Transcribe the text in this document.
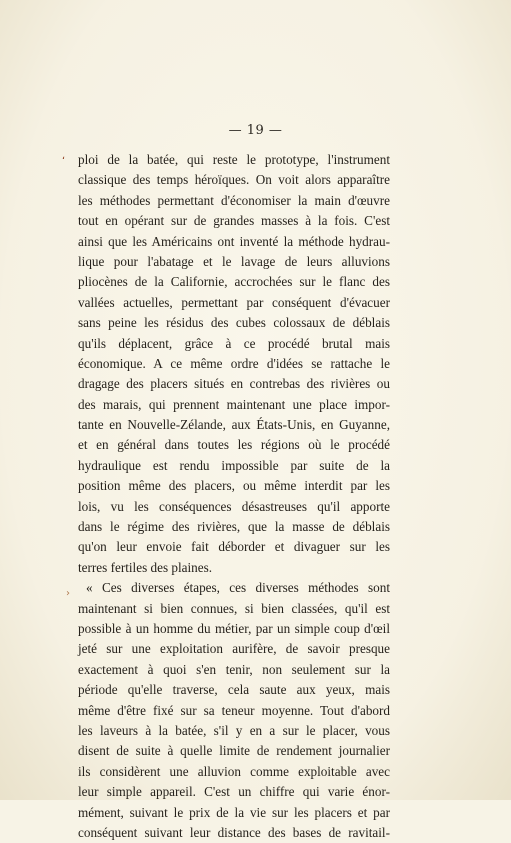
ʻ
›
— 19 —
ploi de la batée, qui reste le prototype, l'instrument
classique des temps héroïques. On voit alors apparaître
les méthodes permettant d'économiser la main d'œuvre
tout en opérant sur de grandes masses à la fois. C'est
ainsi que les Américains ont inventé la méthode hydrau-
lique pour l'abatage et le lavage de leurs alluvions
pliocènes de la Californie, accrochées sur le flanc des
vallées actuelles, permettant par conséquent d'évacuer
sans peine les résidus des cubes colossaux de déblais
qu'ils déplacent, grâce à ce procédé brutal mais
économique. A ce même ordre d'idées se rattache le
dragage des placers situés en contrebas des rivières ou
des marais, qui prennent maintenant une place impor-
tante en Nouvelle-Zélande, aux États-Unis, en Guyanne,
et en général dans toutes les régions où le procédé
hydraulique est rendu impossible par suite de la
position même des placers, ou même interdit par les
lois, vu les conséquences désastreuses qu'il apporte
dans le régime des rivières, que la masse de déblais
qu'on leur envoie fait déborder et divaguer sur les
terres fertiles des plaines.
« Ces diverses étapes, ces diverses méthodes sont
maintenant si bien connues, si bien classées, qu'il est
possible à un homme du métier, par un simple coup d'œil
jeté sur une exploitation aurifère, de savoir presque
exactement à quoi s'en tenir, non seulement sur la
période qu'elle traverse, cela saute aux yeux, mais
même d'être fixé sur sa teneur moyenne. Tout d'abord
les laveurs à la batée, s'il y en a sur le placer, vous
disent de suite à quelle limite de rendement journalier
ils considèrent une alluvion comme exploitable avec
leur simple appareil. C'est un chiffre qui varie énor-
mément, suivant le prix de la vie sur les placers et par
conséquent suivant leur distance des bases de ravitail-
